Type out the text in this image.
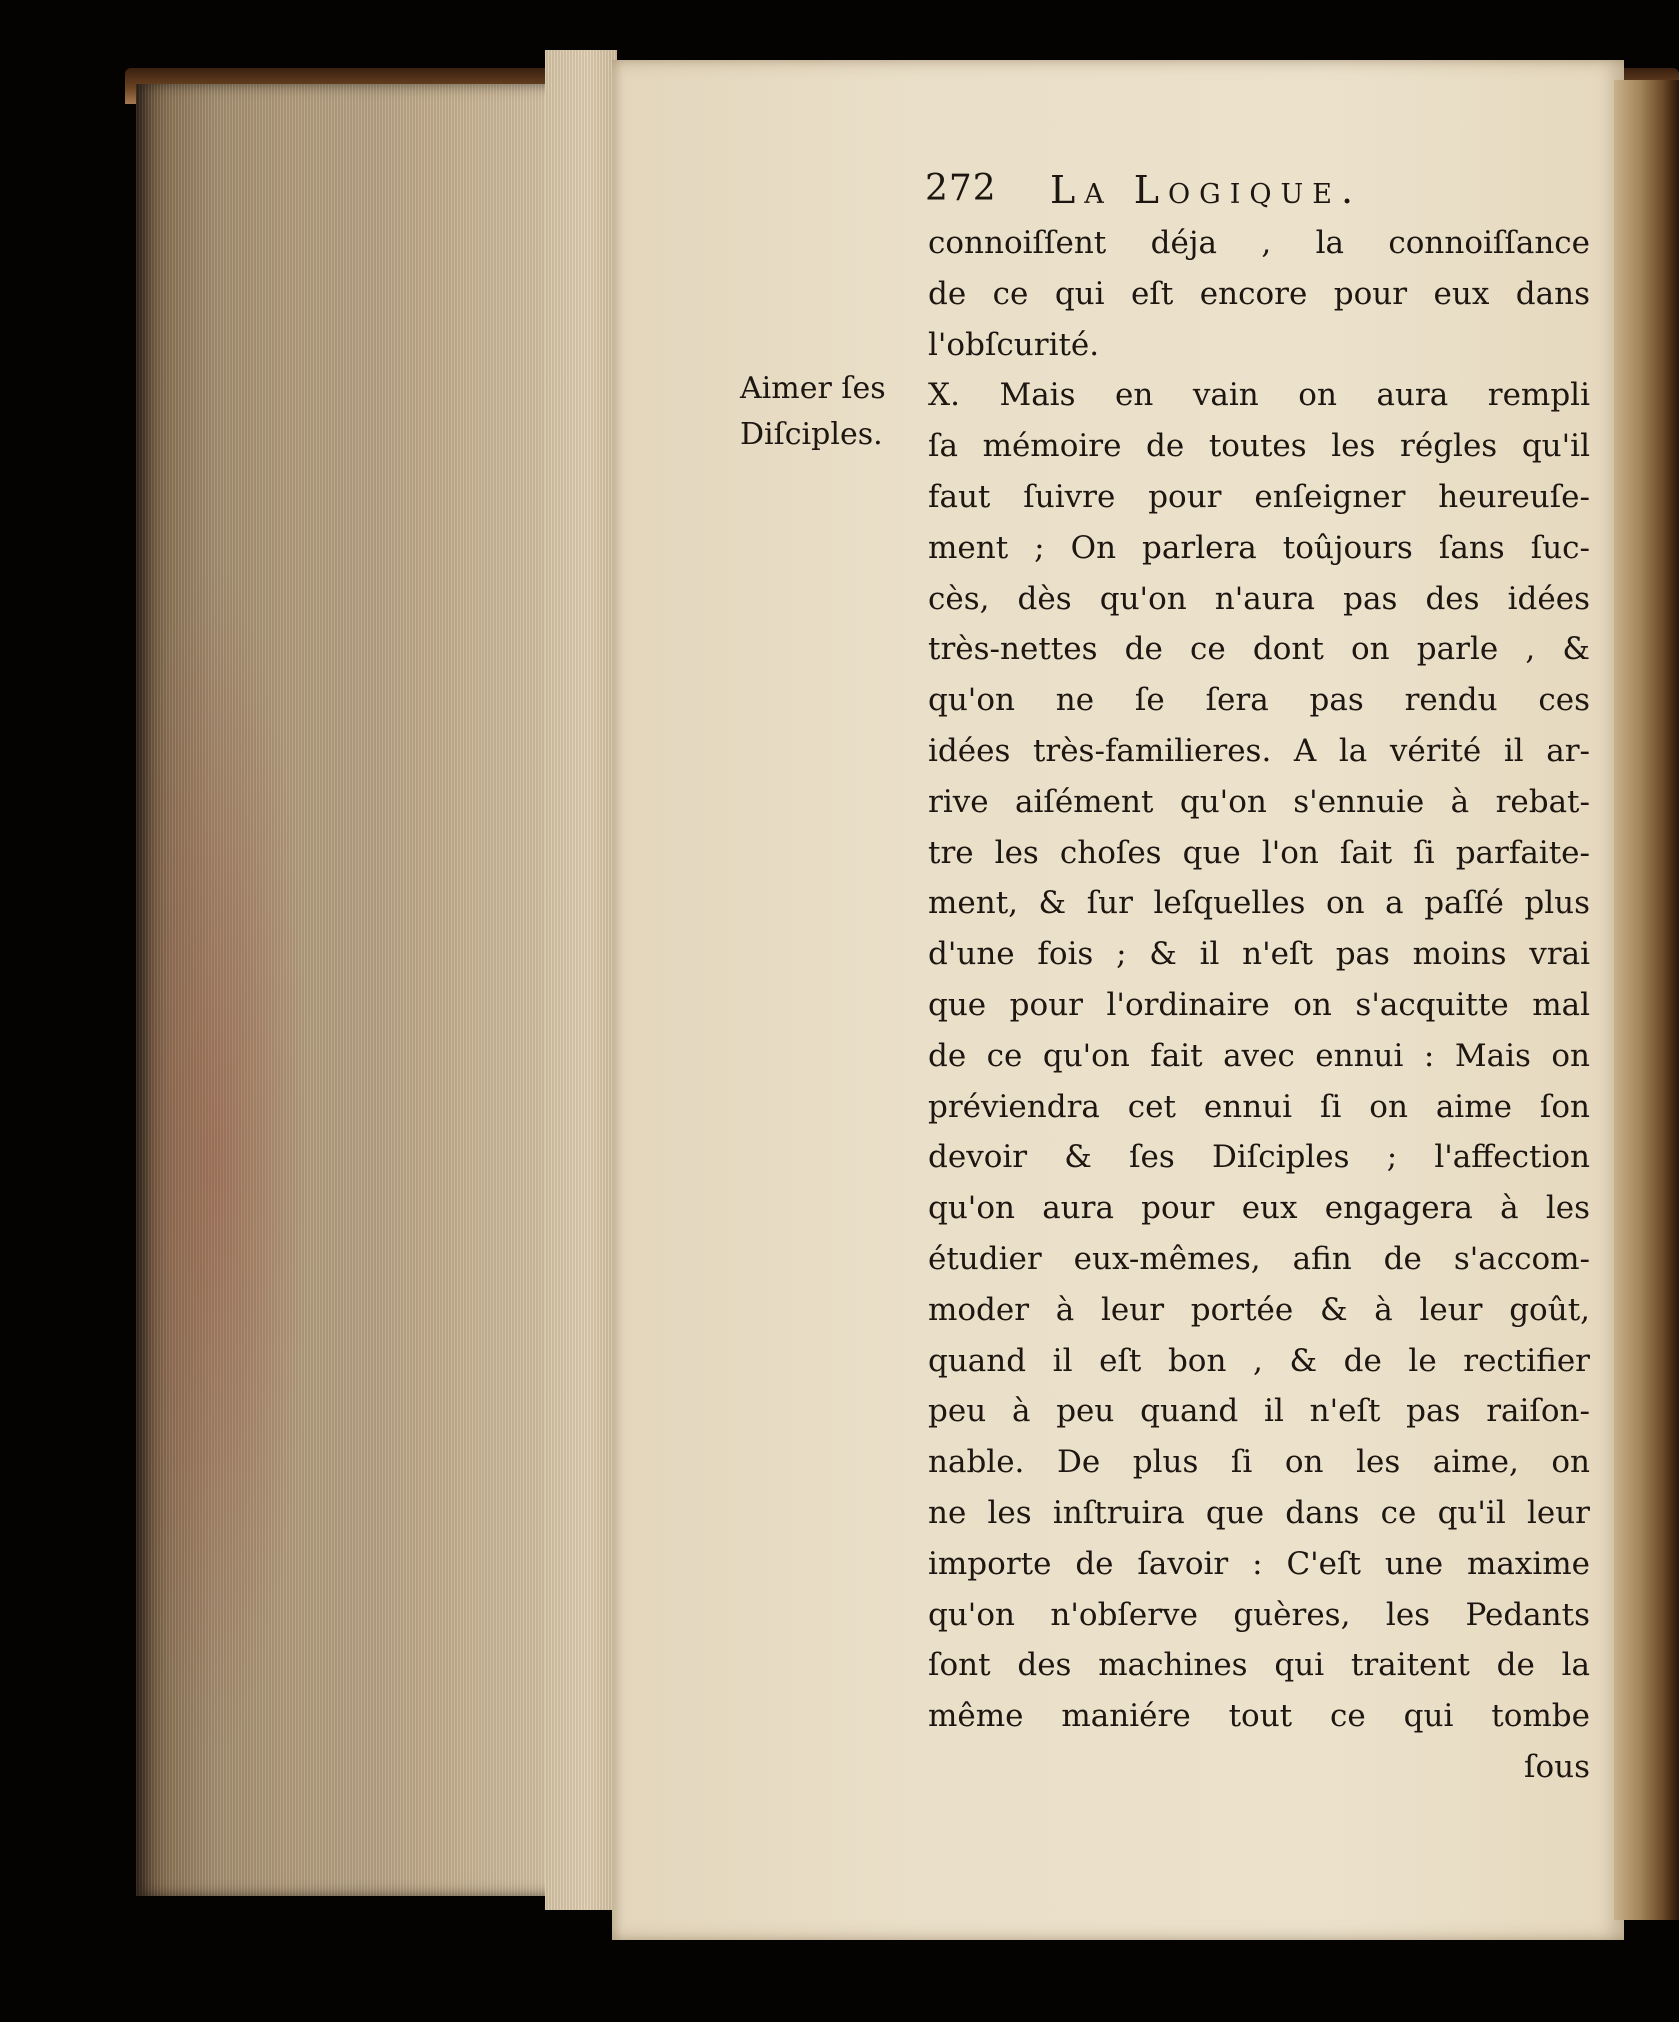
272 La Logique.
Aimer ſes
Diſciples.
connoiſſent déja , la connoiſſance
de ce qui eſt encore pour eux dans
l'obſcurité.
X. Mais en vain on aura rempli
ſa mémoire de toutes les régles qu'il
faut ſuivre pour enſeigner heureuſe-
ment ; On parlera toûjours ſans ſuc-
cès, dès qu'on n'aura pas des idées
très-nettes de ce dont on parle , &
qu'on ne ſe ſera pas rendu ces
idées très-familieres. A la vérité il ar-
rive aiſément qu'on s'ennuie à rebat-
tre les choſes que l'on ſait ſi parfaite-
ment, & ſur leſquelles on a paſſé plus
d'une fois ; & il n'eſt pas moins vrai
que pour l'ordinaire on s'acquitte mal
de ce qu'on fait avec ennui : Mais on
préviendra cet ennui ſi on aime ſon
devoir & ſes Diſciples ; l'affection
qu'on aura pour eux engagera à les
étudier eux-mêmes, afin de s'accom-
moder à leur portée & à leur goût,
quand il eſt bon , & de le rectifier
peu à peu quand il n'eſt pas raiſon-
nable. De plus ſi on les aime, on
ne les inſtruira que dans ce qu'il leur
importe de ſavoir : C'eſt une maxime
qu'on n'obſerve guères, les Pedants
ſont des machines qui traitent de la
même maniére tout ce qui tombe
ſous
